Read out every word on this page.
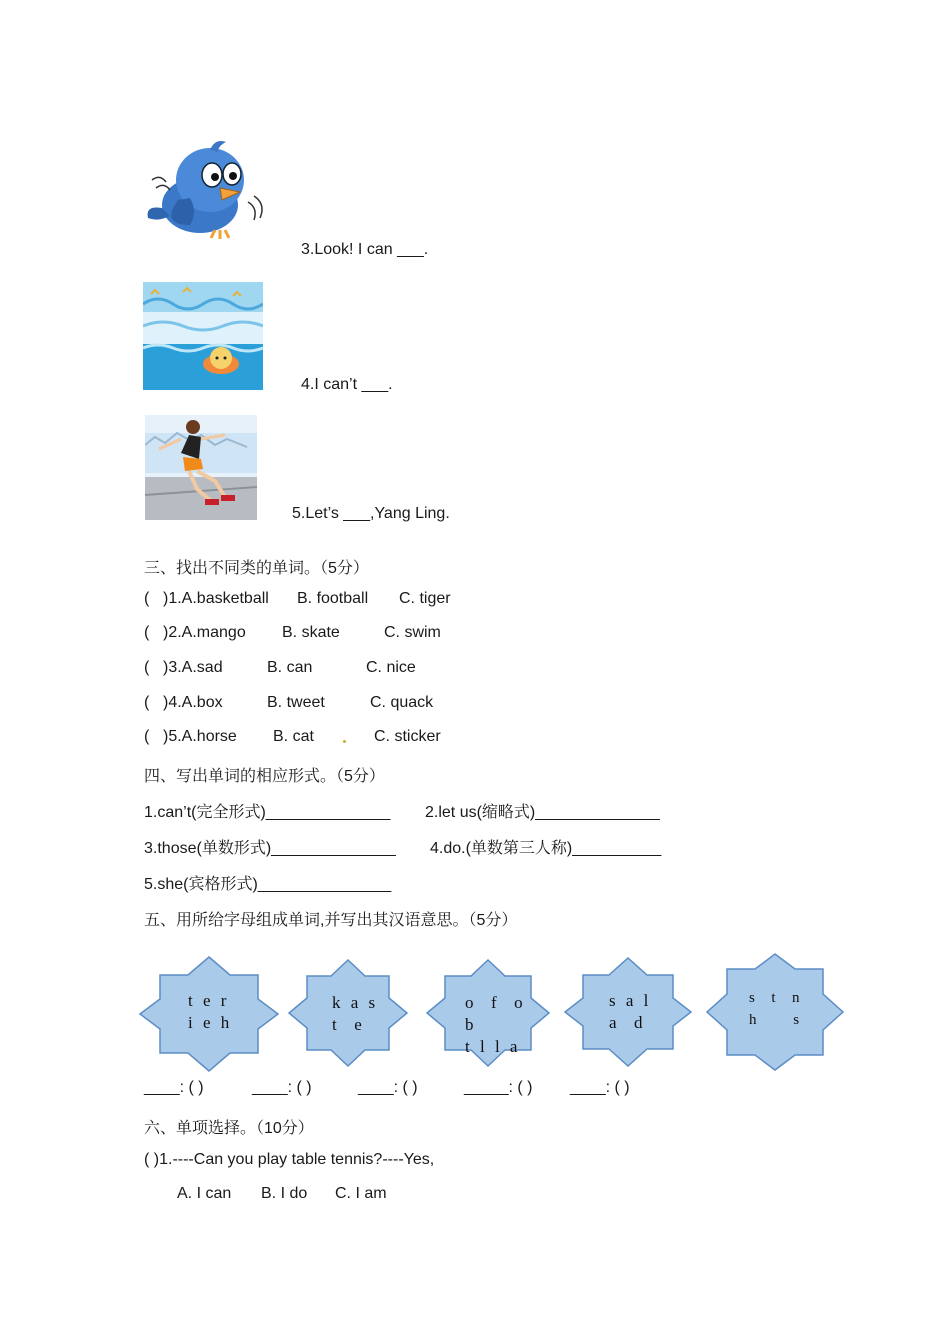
3.Look! I can ___.
4.I can’t ___.
5.Let’s ___,Yang Ling.
三、找出不同类的单词。（5分）
( )1.A.basketball B. football C. tiger
( )2.A.mango B. skate	C. swim
( )3.A.sad	B. can	C. nice
( )4.A.box	B. tweet	C. quack
( )5.A.horse B. cat	C. sticker
四、写出单词的相应形式。（5分）
1.can’t(完全形式)______________ 2.let us(缩略式)______________
3.those(单数形式)______________ 4.do.(单数第三人称)__________
5.she(宾格形式)_______________
五、用所给字母组成单词,并写出其汉语意思。（5分）
t e r
i e h
k a s
t  e
o  f  o
b
t l l a
s a l
a  d
s  t  n
h     s
____: ( )	____: ( )	____: ( )	_____: ( ) ____: ( )
六、单项选择。（10分）
( )1.----Can you play table tennis?----Yes,
A. I can B. I do C. I am
